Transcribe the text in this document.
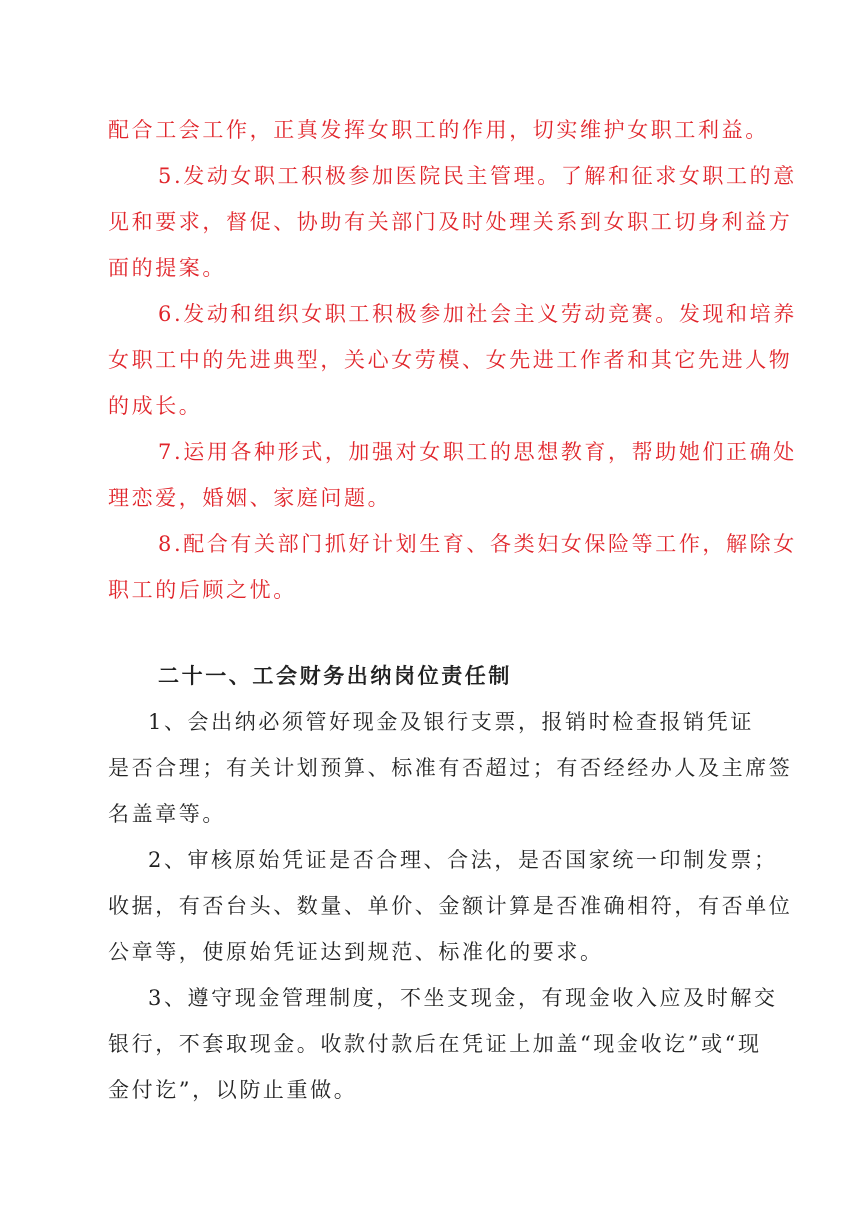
配合工会工作，正真发挥女职工的作用，切实维护女职工利益。
5.发动女职工积极参加医院民主管理。了解和征求女职工的意
见和要求，督促、协助有关部门及时处理关系到女职工切身利益方
面的提案。
6.发动和组织女职工积极参加社会主义劳动竞赛。发现和培养
女职工中的先进典型，关心女劳模、女先进工作者和其它先进人物
的成长。
7.运用各种形式，加强对女职工的思想教育，帮助她们正确处
理恋爱，婚姻、家庭问题。
8.配合有关部门抓好计划生育、各类妇女保险等工作，解除女
职工的后顾之忧。
二十一、工会财务出纳岗位责任制
1、会出纳必须管好现金及银行支票，报销时检查报销凭证
是否合理；有关计划预算、标准有否超过；有否经经办人及主席签
名盖章等。
2、审核原始凭证是否合理、合法，是否国家统一印制发票；
收据，有否台头、数量、单价、金额计算是否准确相符，有否单位
公章等，使原始凭证达到规范、标准化的要求。
3、遵守现金管理制度，不坐支现金，有现金收入应及时解交
银行，不套取现金。收款付款后在凭证上加盖“现金收讫”或“现
金付讫”，以防止重做。
